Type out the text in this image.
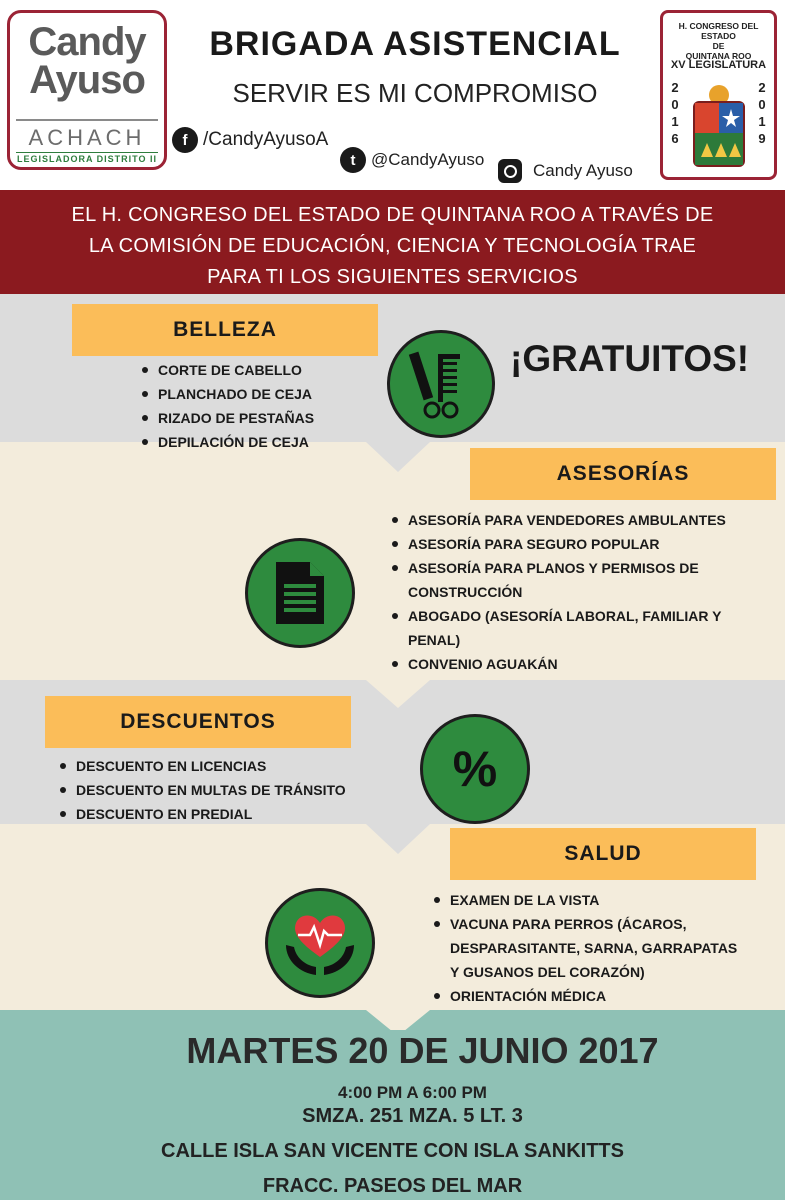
Candy
Ayuso
ACHACH
LEGISLADORA DISTRITO II
BRIGADA ASISTENCIAL
SERVIR ES MI COMPROMISO
f /CandyAyusoA
t @CandyAyuso
Candy Ayuso
H. CONGRESO DEL ESTADO
DE
QUINTANA ROO
XV LEGISLATURA
2
0
1
6
2
0
1
9
EL H. CONGRESO DEL ESTADO DE QUINTANA ROO A TRAVÉS DE
LA COMISIÓN DE EDUCACIÓN, CIENCIA Y TECNOLOGÍA TRAE
PARA TI LOS SIGUIENTES SERVICIOS
¡GRATUITOS!
BELLEZA
CORTE DE CABELLO
PLANCHADO DE CEJA
RIZADO DE PESTAÑAS
DEPILACIÓN DE CEJA
ASESORÍAS
ASESORÍA PARA VENDEDORES AMBULANTES
ASESORÍA PARA SEGURO POPULAR
ASESORÍA PARA PLANOS Y PERMISOS DE
CONSTRUCCIÓN
ABOGADO (ASESORÍA LABORAL, FAMILIAR Y
PENAL)
CONVENIO AGUAKÁN
DESCUENTOS
DESCUENTO EN LICENCIAS
DESCUENTO EN MULTAS DE TRÁNSITO
DESCUENTO EN PREDIAL
%
SALUD
EXAMEN DE LA VISTA
VACUNA PARA PERROS (ÁCAROS,
DESPARASITANTE, SARNA, GARRAPATAS
Y GUSANOS DEL CORAZÓN)
ORIENTACIÓN MÉDICA
MARTES 20 DE JUNIO 2017
4:00 PM A 6:00 PM
SMZA. 251 MZA. 5 LT. 3
CALLE ISLA SAN VICENTE CON ISLA SANKITTS
FRACC. PASEOS DEL MAR
